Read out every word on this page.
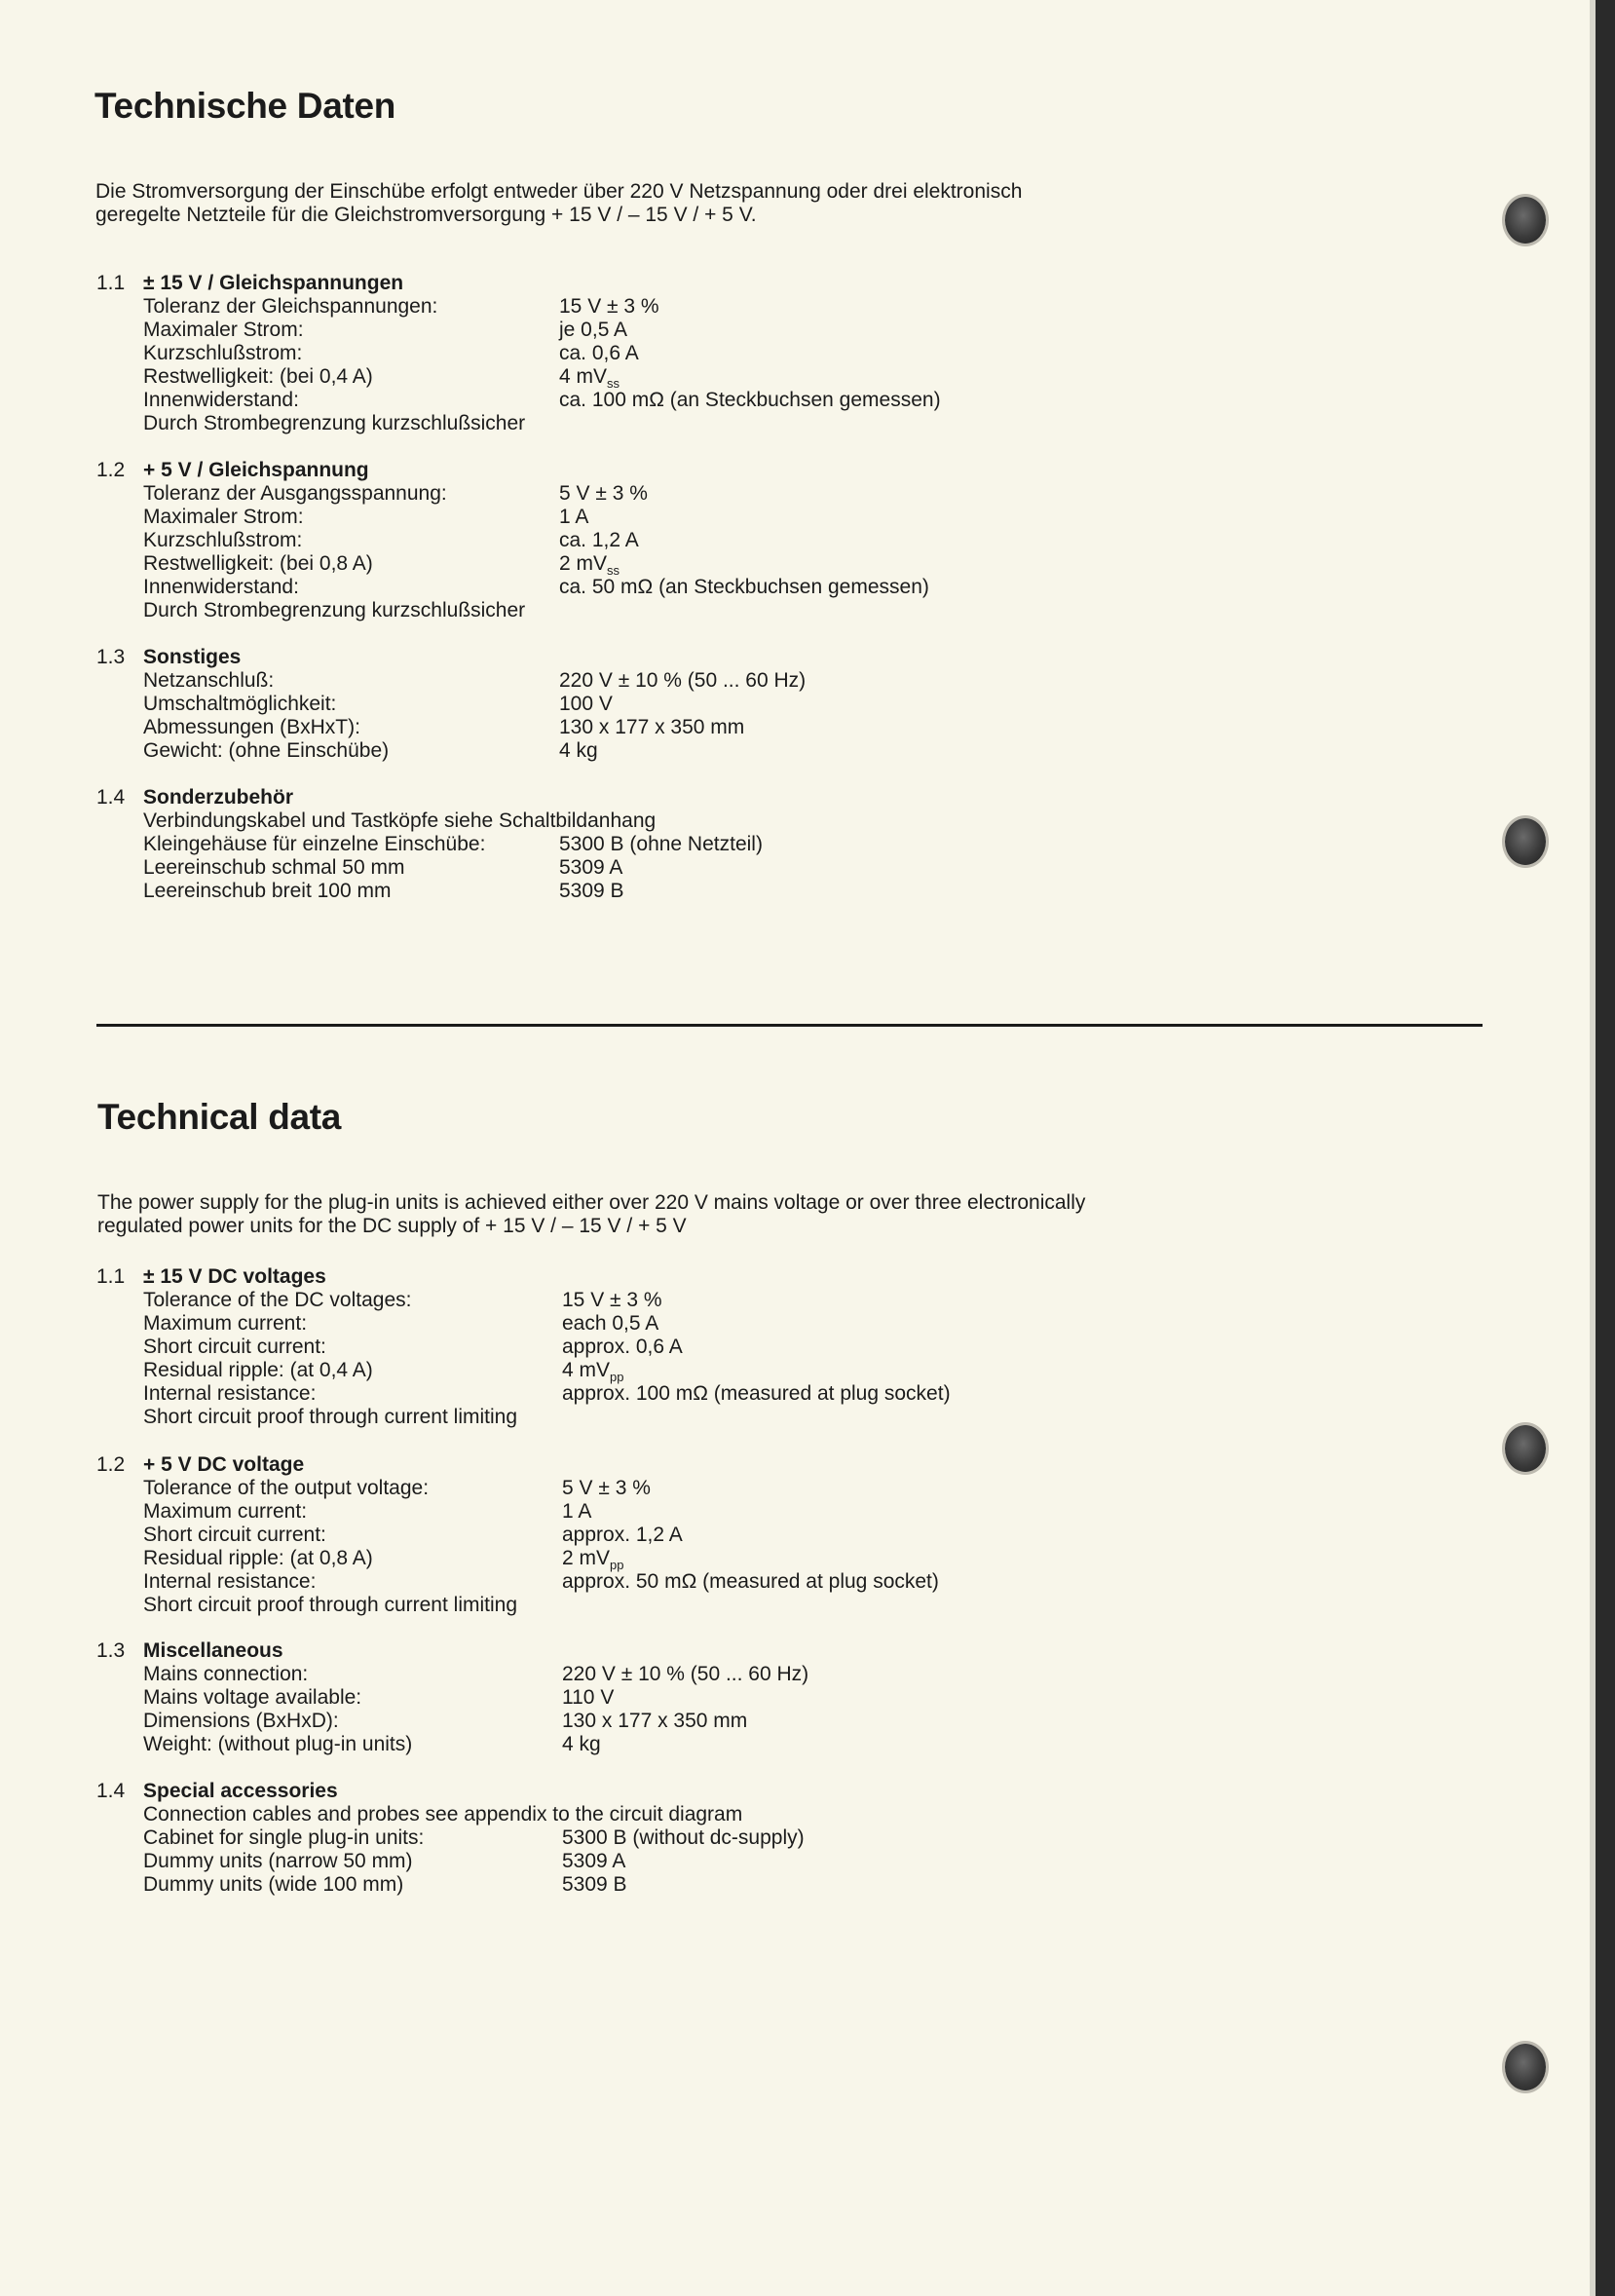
Technische Daten
Die Stromversorgung der Einschübe erfolgt entweder über 220 V Netzspannung oder drei elektronisch
geregelte Netzteile für die Gleichstromversorgung + 15 V / – 15 V / + 5 V.
1.1 ± 15 V / Gleichspannungen
Toleranz der Gleichspannungen:	15 V ± 3 %
Maximaler Strom:	je 0,5 A
Kurzschlußstrom:	ca. 0,6 A
Restwelligkeit: (bei 0,4 A)	4 $mV_{ss}$
Innenwiderstand:	ca. 100 mΩ (an Steckbuchsen gemessen)
Durch Strombegrenzung kurzschlußsicher
1.2 + 5 V / Gleichspannung
Toleranz der Ausgangsspannung:	5 V ± 3 %
Maximaler Strom:	1 A
Kurzschlußstrom:	ca. 1,2 A
Restwelligkeit: (bei 0,8 A)	2 $mV_{ss}$
Innenwiderstand:	ca. 50 mΩ (an Steckbuchsen gemessen)
Durch Strombegrenzung kurzschlußsicher
1.3 Sonstiges
Netzanschluß:	220 V ± 10 % (50 ... 60 Hz)
Umschaltmöglichkeit:	100 V
Abmessungen (BxHxT):	130 x 177 x 350 mm
Gewicht: (ohne Einschübe)	4 kg
1.4 Sonderzubehör
Verbindungskabel und Tastköpfe siehe Schaltbildanhang
Kleingehäuse für einzelne Einschübe:	5300 B (ohne Netzteil)
Leereinschub schmal 50 mm	5309 A
Leereinschub breit 100 mm	5309 B
Technical data
The power supply for the plug-in units is achieved either over 220 V mains voltage or over three electronically
regulated power units for the DC supply of + 15 V / – 15 V / + 5 V
1.1 ± 15 V DC voltages
Tolerance of the DC voltages:	15 V ± 3 %
Maximum current:	each 0,5 A
Short circuit current:	approx. 0,6 A
Residual ripple: (at 0,4 A)	4 $mV_{pp}$
Internal resistance:	approx. 100 mΩ (measured at plug socket)
Short circuit proof through current limiting
1.2 + 5 V DC voltage
Tolerance of the output voltage:	5 V ± 3 %
Maximum current:	1 A
Short circuit current:	approx. 1,2 A
Residual ripple: (at 0,8 A)	2 $mV_{pp}$
Internal resistance:	approx. 50 mΩ (measured at plug socket)
Short circuit proof through current limiting
1.3 Miscellaneous
Mains connection:	220 V ± 10 % (50 ... 60 Hz)
Mains voltage available:	110 V
Dimensions (BxHxD):	130 x 177 x 350 mm
Weight: (without plug-in units)	4 kg
1.4 Special accessories
Connection cables and probes see appendix to the circuit diagram
Cabinet for single plug-in units:	5300 B (without dc-supply)
Dummy units (narrow 50 mm)	5309 A
Dummy units (wide 100 mm)	5309 B
